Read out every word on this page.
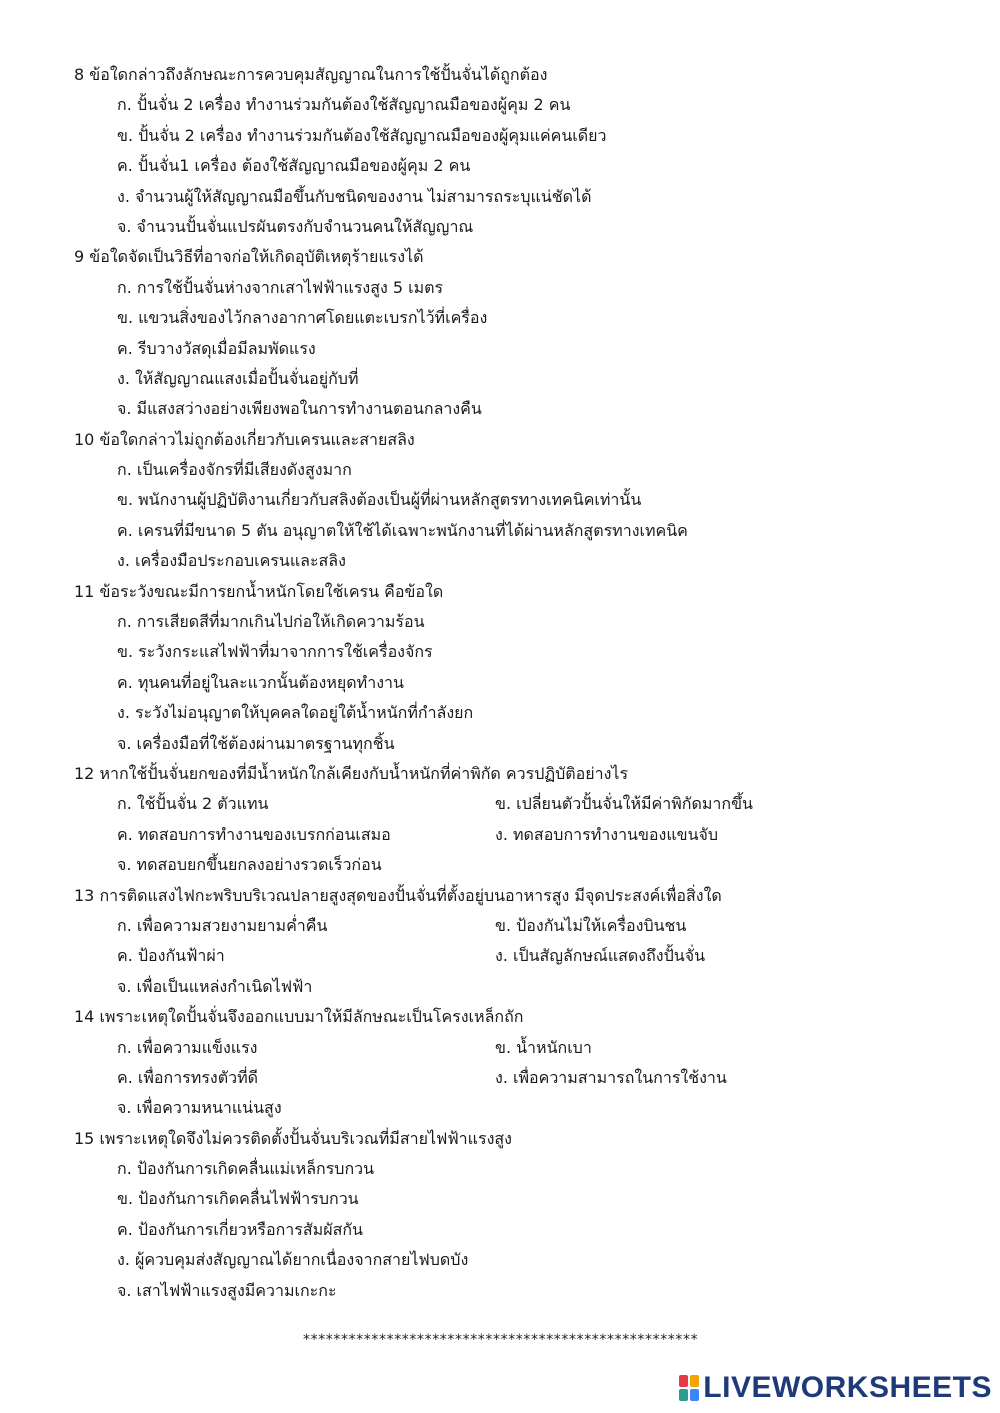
8 ข้อใดกล่าวถึงลักษณะการควบคุมสัญญาณในการใช้ปั้นจั่นได้ถูกต้อง
ก. ปั้นจั่น 2 เครื่อง ทำงานร่วมกันต้องใช้สัญญาณมือของผู้คุม 2 คน
ข. ปั้นจั่น 2 เครื่อง ทำงานร่วมกันต้องใช้สัญญาณมือของผู้คุมแค่คนเดียว
ค. ปั้นจั่น1 เครื่อง ต้องใช้สัญญาณมือของผู้คุม 2 คน
ง. จำนวนผู้ให้สัญญาณมือขึ้นกับชนิดของงาน ไม่สามารถระบุแน่ชัดได้
จ. จำนวนปั้นจั่นแปรผันตรงกับจำนวนคนให้สัญญาณ
9 ข้อใดจัดเป็นวิธีที่อาจก่อให้เกิดอุบัติเหตุร้ายแรงได้
ก. การใช้ปั้นจั่นห่างจากเสาไฟฟ้าแรงสูง 5 เมตร
ข. แขวนสิ่งของไว้กลางอากาศโดยแตะเบรกไว้ที่เครื่อง
ค. รีบวางวัสดุเมื่อมีลมพัดแรง
ง. ให้สัญญาณแสงเมื่อปั้นจั่นอยู่กับที่
จ. มีแสงสว่างอย่างเพียงพอในการทำงานตอนกลางคืน
10 ข้อใดกล่าวไม่ถูกต้องเกี่ยวกับเครนและสายสลิง
ก. เป็นเครื่องจักรที่มีเสียงดังสูงมาก
ข. พนักงานผู้ปฏิบัติงานเกี่ยวกับสลิงต้องเป็นผู้ที่ผ่านหลักสูตรทางเทคนิคเท่านั้น
ค. เครนที่มีขนาด 5 ตัน อนุญาตให้ใช้ได้เฉพาะพนักงานที่ได้ผ่านหลักสูตรทางเทคนิค
ง. เครื่องมือประกอบเครนและสลิง
11 ข้อระวังขณะมีการยกน้ำหนักโดยใช้เครน คือข้อใด
ก. การเสียดสีที่มากเกินไปก่อให้เกิดความร้อน
ข. ระวังกระแสไฟฟ้าที่มาจากการใช้เครื่องจักร
ค. ทุนคนที่อยู่ในละแวกนั้นต้องหยุดทำงาน
ง. ระวังไม่อนุญาตให้บุคคลใดอยู่ใต้น้ำหนักที่กำลังยก
จ. เครื่องมือที่ใช้ต้องผ่านมาตรฐานทุกชิ้น
12 หากใช้ปั้นจั่นยกของที่มีน้ำหนักใกล้เคียงกับน้ำหนักที่ค่าพิกัด ควรปฏิบัติอย่างไร
ก. ใช้ปั้นจั่น 2 ตัวแทน	ข. เปลี่ยนตัวปั้นจั่นให้มีค่าพิกัดมากขึ้น
ค. ทดสอบการทำงานของเบรกก่อนเสมอ	ง. ทดสอบการทำงานของแขนจับ
จ. ทดสอบยกขึ้นยกลงอย่างรวดเร็วก่อน
13 การติดแสงไฟกะพริบบริเวณปลายสูงสุดของปั้นจั่นที่ตั้งอยู่บนอาหารสูง มีจุดประสงค์เพื่อสิ่งใด
ก. เพื่อความสวยงามยามค่ำคืน	ข. ป้องกันไม่ให้เครื่องบินชน
ค. ป้องกันฟ้าผ่า	ง. เป็นสัญลักษณ์แสดงถึงปั้นจั่น
จ. เพื่อเป็นแหล่งกำเนิดไฟฟ้า
14 เพราะเหตุใดปั้นจั่นจึงออกแบบมาให้มีลักษณะเป็นโครงเหล็กถัก
ก. เพื่อความแข็งแรง	ข. น้ำหนักเบา
ค. เพื่อการทรงตัวที่ดี	ง. เพื่อความสามารถในการใช้งาน
จ. เพื่อความหนาแน่นสูง
15 เพราะเหตุใดจึงไม่ควรติดตั้งปั้นจั่นบริเวณที่มีสายไฟฟ้าแรงสูง
ก. ป้องกันการเกิดคลื่นแม่เหล็กรบกวน
ข. ป้องกันการเกิดคลื่นไฟฟ้ารบกวน
ค. ป้องกันการเกี่ยวหรือการสัมผัสกัน
ง. ผู้ควบคุมส่งสัญญาณได้ยากเนื่องจากสายไฟบดบัง
จ. เสาไฟฟ้าแรงสูงมีความเกะกะ
****************************************************
LIVEWORKSHEETS
